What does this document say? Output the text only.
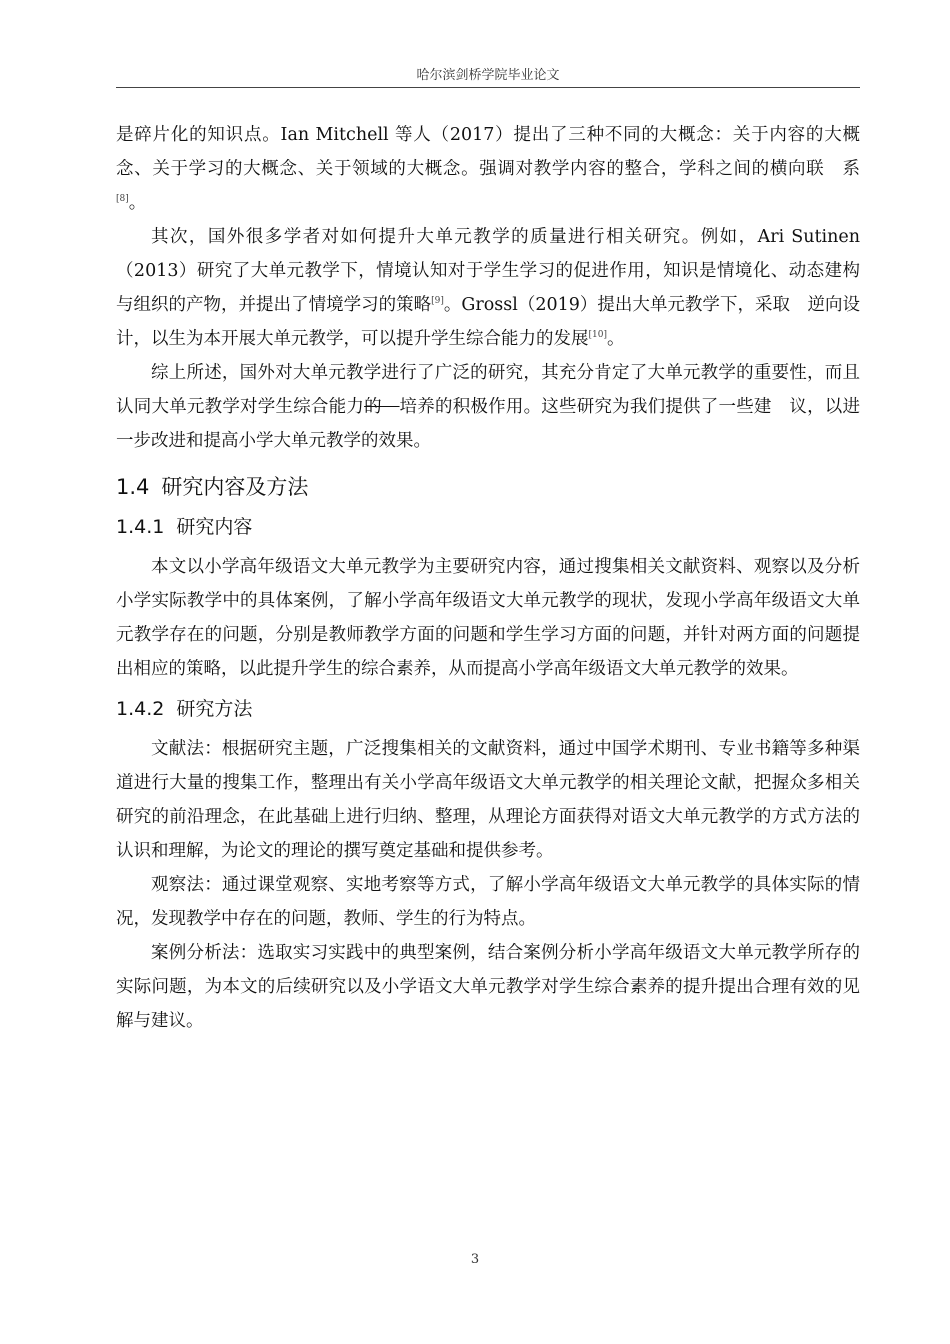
哈尔滨剑桥学院毕业论文

是碎片化的知识点。Ian Mitchell 等人（2017）提出了三种不同的大概念：关于内容的大概　念、关于学习的大概念、关于领域的大概念。强调对教学内容的整合，学科之间的横向联　系[8]。

其次，国外很多学者对如何提升大单元教学的质量进行相关研究。例如，Ari Sutinen（2013）研究了大单元教学下，情境认知对于学生学习的促进作用，知识是情境化、动态建构与组织的产物，并提出了情境学习的策略[9]。Grossl（2019）提出大单元教学下，采取　逆向设计，以生为本开展大单元教学，可以提升学生综合能力的发展[10]。

综上所述，国外对大单元教学进行了广泛的研究，其充分肯定了大单元教学的重要性，而且认同大单元教学对学生综合能力的　培养的积极作用。这些研究为我们提供了一些建　议，以进一步改进和提高小学大单元教学的效果。

1.4 研究内容及方法
1.4.1 研究内容

本文以小学高年级语文大单元教学为主要研究内容，通过搜集相关文献资料、观察以及分析小学实际教学中的具体案例，了解小学高年级语文大单元教学的现状，发现小学高年级语文大单元教学存在的问题，分别是教师教学方面的问题和学生学习方面的问题，并针对两方面的问题提出相应的策略，以此提升学生的综合素养，从而提高小学高年级语文大单元教学的效果。

1.4.2 研究方法

文献法：根据研究主题，广泛搜集相关的文献资料，通过中国学术期刊、专业书籍等多种渠道进行大量的搜集工作，整理出有关小学高年级语文大单元教学的相关理论文献，把握众多相关研究的前沿理念，在此基础上进行归纳、整理，从理论方面获得对语文大单元教学的方式方法的认识和理解，为论文的理论的撰写奠定基础和提供参考。

观察法：通过课堂观察、实地考察等方式，了解小学高年级语文大单元教学的具体实际的情况，发现教学中存在的问题，教师、学生的行为特点。

案例分析法：选取实习实践中的典型案例，结合案例分析小学高年级语文大单元教学所存的实际问题，为本文的后续研究以及小学语文大单元教学对学生综合素养的提升提出合理有效的见解与建议。

3
